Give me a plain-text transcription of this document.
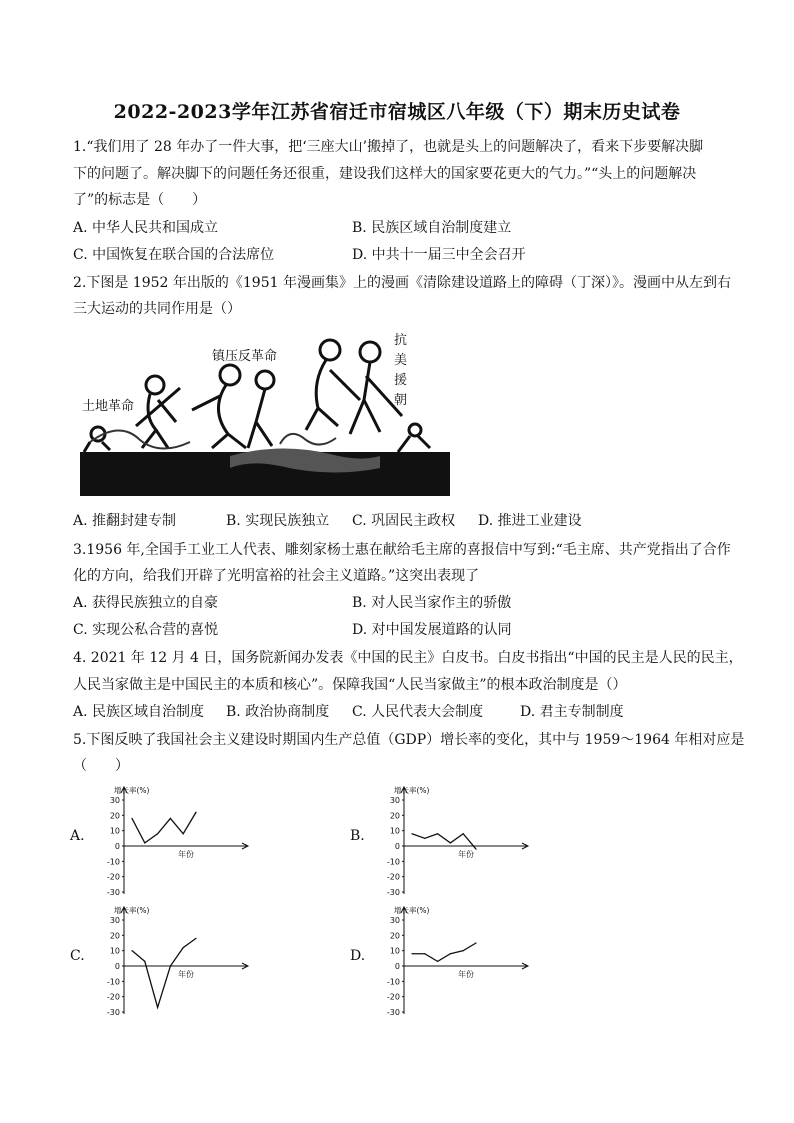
2022-2023学年江苏省宿迁市宿城区八年级（下）期末历史试卷
1.“我们用了 28 年办了一件大事，把‘三座大山’搬掉了，也就是头上的问题解决了，看来下步要解决脚
下的问题了。解决脚下的问题任务还很重，建设我们这样大的国家要花更大的气力。”“头上的问题解决
了”的标志是（　　）
A. 中华人民共和国成立	B. 民族区域自治制度建立
C. 中国恢复在联合国的合法席位	D. 中共十一届三中全会召开
2.下图是 1952 年出版的《1951 年漫画集》上的漫画《清除建设道路上的障碍（丁深）》。漫画中从左到右
三大运动的共同作用是（）
土地革命
镇压反革命
抗
美
援
朝
A. 推翻封建专制	B. 实现民族独立 C. 巩固民主政权 D. 推进工业建设
3.1956 年,全国手工业工人代表、雕刻家杨士惠在献给毛主席的喜报信中写到:“毛主席、共产党指出了合作
化的方向，给我们开辟了光明富裕的社会主义道路。”这突出表现了
A. 获得民族独立的自豪	B. 对人民当家作主的骄傲
C. 实现公私合营的喜悦	D. 对中国发展道路的认同
4. 2021 年 12 月 4 日，国务院新闻办发表《中国的民主》白皮书。白皮书指出“中国的民主是人民的民主，
人民当家做主是中国民主的本质和核心”。保障我国“人民当家做主”的根本政治制度是（）
A. 民族区域自治制度 B. 政治协商制度 C. 人民代表大会制度	D. 君主专制制度
5.下图反映了我国社会主义建设时期国内生产总值（GDP）增长率的变化，其中与 1959～1964 年相对应是
（　　）
A.
增长率(%)
30
20
10
0
-10
-20
-30
年份
B.
增长率(%)
30
20
10
0
-10
-20
-30
年份
C.
增长率(%)
30
20
10
0
-10
-20
-30
年份
D.
增长率(%)
30
20
10
0
-10
-20
-30
年份
